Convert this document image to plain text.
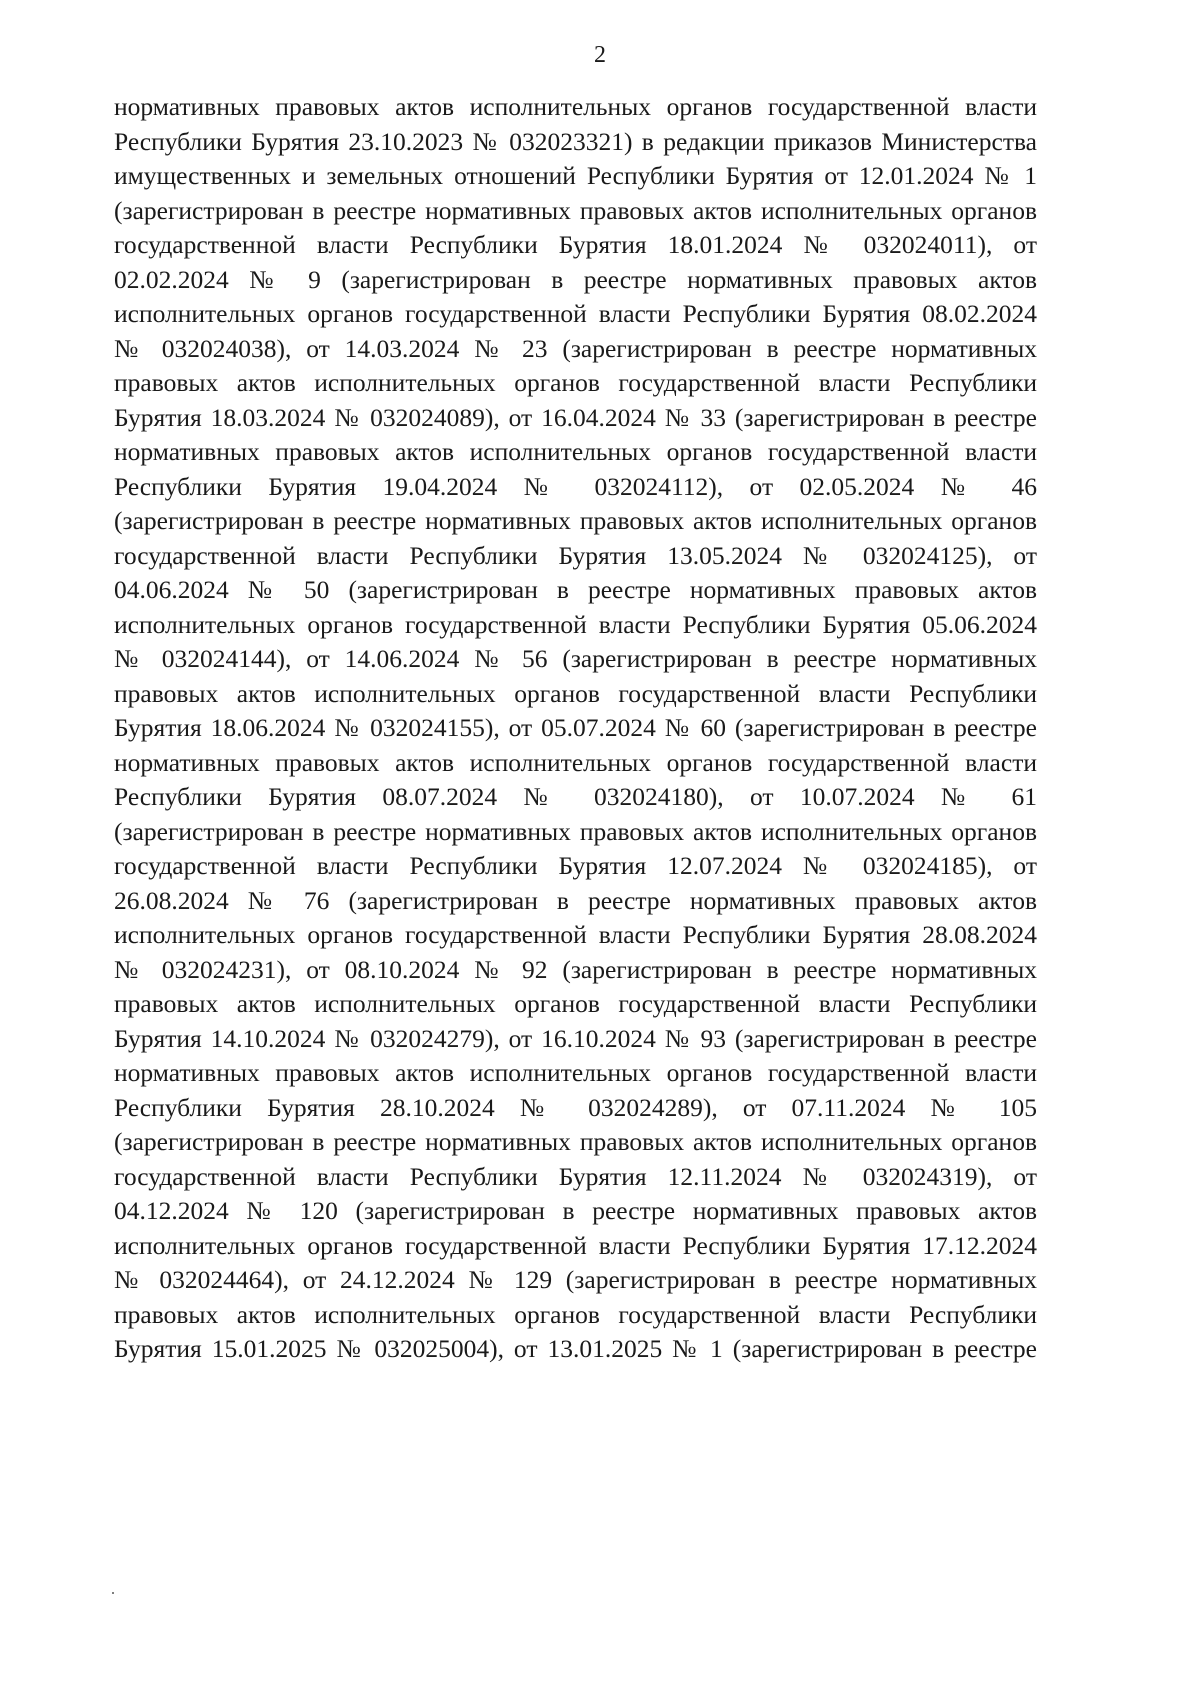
2
нормативных правовых актов исполнительных органов государственной власти
Республики Бурятия 23.10.2023 № 032023321) в редакции приказов Министерства
имущественных и земельных отношений Республики Бурятия от 12.01.2024 № 1
(зарегистрирован в реестре нормативных правовых актов исполнительных органов
государственной власти Республики Бурятия 18.01.2024 № 032024011), от
02.02.2024 № 9 (зарегистрирован в реестре нормативных правовых актов
исполнительных органов государственной власти Республики Бурятия 08.02.2024
№ 032024038), от 14.03.2024 № 23 (зарегистрирован в реестре нормативных
правовых актов исполнительных органов государственной власти Республики
Бурятия 18.03.2024 № 032024089), от 16.04.2024 № 33 (зарегистрирован в реестре
нормативных правовых актов исполнительных органов государственной власти
Республики Бурятия 19.04.2024 № 032024112), от 02.05.2024 № 46
(зарегистрирован в реестре нормативных правовых актов исполнительных органов
государственной власти Республики Бурятия 13.05.2024 № 032024125), от
04.06.2024 № 50 (зарегистрирован в реестре нормативных правовых актов
исполнительных органов государственной власти Республики Бурятия 05.06.2024
№ 032024144), от 14.06.2024 № 56 (зарегистрирован в реестре нормативных
правовых актов исполнительных органов государственной власти Республики
Бурятия 18.06.2024 № 032024155), от 05.07.2024 № 60 (зарегистрирован в реестре
нормативных правовых актов исполнительных органов государственной власти
Республики Бурятия 08.07.2024 № 032024180), от 10.07.2024 № 61
(зарегистрирован в реестре нормативных правовых актов исполнительных органов
государственной власти Республики Бурятия 12.07.2024 № 032024185), от
26.08.2024 № 76 (зарегистрирован в реестре нормативных правовых актов
исполнительных органов государственной власти Республики Бурятия 28.08.2024
№ 032024231), от 08.10.2024 № 92 (зарегистрирован в реестре нормативных
правовых актов исполнительных органов государственной власти Республики
Бурятия 14.10.2024 № 032024279), от 16.10.2024 № 93 (зарегистрирован в реестре
нормативных правовых актов исполнительных органов государственной власти
Республики Бурятия 28.10.2024 № 032024289), от 07.11.2024 № 105
(зарегистрирован в реестре нормативных правовых актов исполнительных органов
государственной власти Республики Бурятия 12.11.2024 № 032024319), от
04.12.2024 № 120 (зарегистрирован в реестре нормативных правовых актов
исполнительных органов государственной власти Республики Бурятия 17.12.2024
№ 032024464), от 24.12.2024 № 129 (зарегистрирован в реестре нормативных
правовых актов исполнительных органов государственной власти Республики
Бурятия 15.01.2025 № 032025004), от 13.01.2025 № 1 (зарегистрирован в реестре
